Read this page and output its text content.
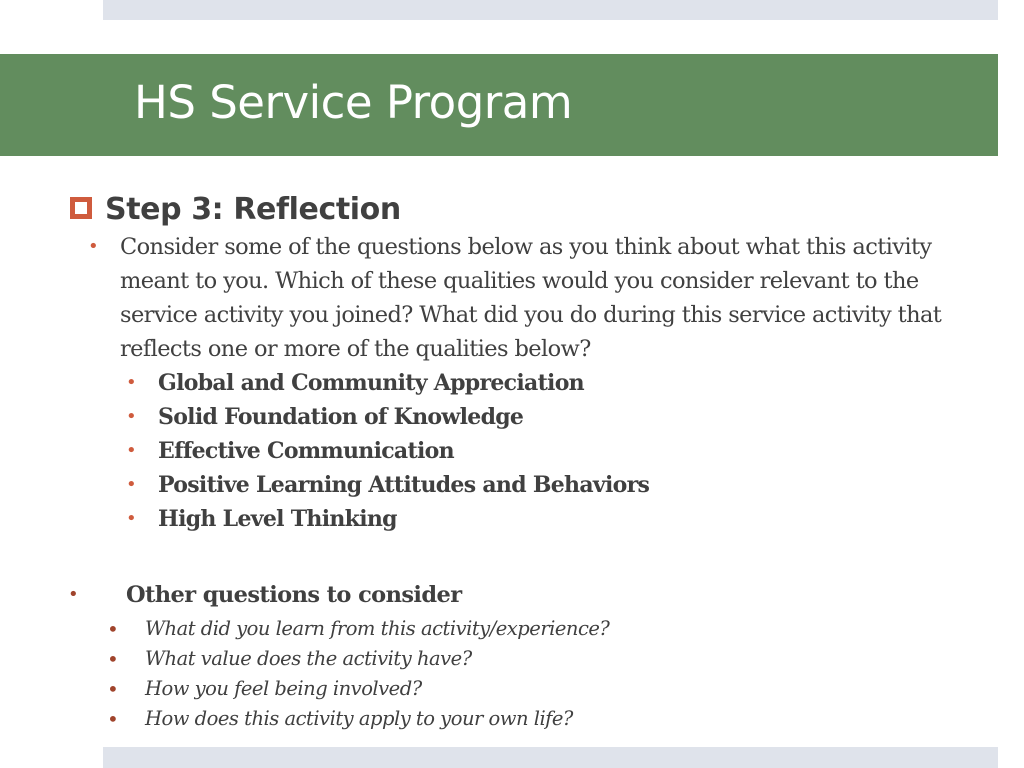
HS Service Program
Step 3: Reflection
• Consider some of the questions below as you think about what this activity meant to you. Which of these qualities would you consider relevant to the service activity you joined? What did you do during this service activity that reflects one or more of the qualities below?
• Global and Community Appreciation
• Solid Foundation of Knowledge
• Effective Communication
• Positive Learning Attitudes and Behaviors
• High Level Thinking
• Other questions to consider
• What did you learn from this activity/experience?
• What value does the activity have?
• How you feel being involved?
• How does this activity apply to your own life?
